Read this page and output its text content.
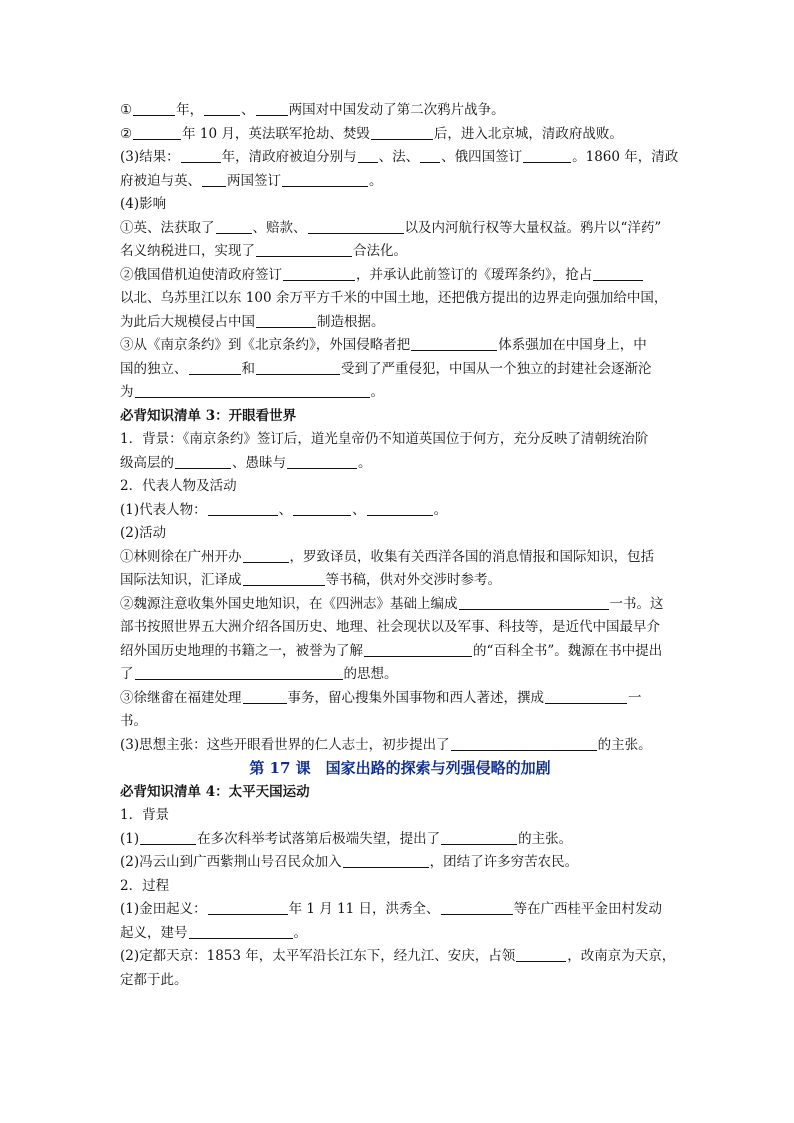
①	年，	、	两国对中国发动了第二次鸦片战争。
②	年 10 月，英法联军抢劫、焚毁	后，进入北京城，清政府战败。
(3)结果：	年，清政府被迫分别与 、法、 、俄四国签订	。1860 年，清政
府被迫与英、 两国签订	。
(4)影响
①英、法获取了	、赔款、	以及内河航行权等大量权益。鸦片以“洋药”
名义纳税进口，实现了	合法化。
②俄国借机迫使清政府签订	，并承认此前签订的《瑷珲条约》，抢占
以北、乌苏里江以东 100 余万平方千米的中国土地，还把俄方提出的边界走向强加给中国，
为此后大规模侵占中国	制造根据。
③从《南京条约》到《北京条约》，外国侵略者把	体系强加在中国身上，中
国的独立、	和	受到了严重侵犯，中国从一个独立的封建社会逐渐沦
为	。
必背知识清单 3：开眼看世界
1．背景：《南京条约》签订后，道光皇帝仍不知道英国位于何方，充分反映了清朝统治阶
级高层的	、愚昧与	。
2．代表人物及活动
(1)代表人物：	、	、	。
(2)活动
①林则徐在广州开办	，罗致译员，收集有关西洋各国的消息情报和国际知识，包括
国际法知识，汇译成	等书稿，供对外交涉时参考。
②魏源注意收集外国史地知识，在《四洲志》基础上编成	一书。这
部书按照世界五大洲介绍各国历史、地理、社会现状以及军事、科技等，是近代中国最早介
绍外国历史地理的书籍之一，被誉为了解	的“百科全书”。魏源在书中提出
了	的思想。
③徐继畬在福建处理	事务，留心搜集外国事物和西人著述，撰成	一
书。
(3)思想主张：这些开眼看世界的仁人志士，初步提出了	的主张。
第 17 课　国家出路的探索与列强侵略的加剧
必背知识清单 4：太平天国运动
1．背景
(1)	在多次科举考试落第后极端失望，提出了	的主张。
(2)冯云山到广西紫荆山号召民众加入	，团结了许多穷苦农民。
2．过程
(1)金田起义：	年 1 月 11 日，洪秀全、	等在广西桂平金田村发动
起义，建号	。
(2)定都天京：1853 年，太平军沿长江东下，经九江、安庆，占领	，改南京为天京，
定都于此。
